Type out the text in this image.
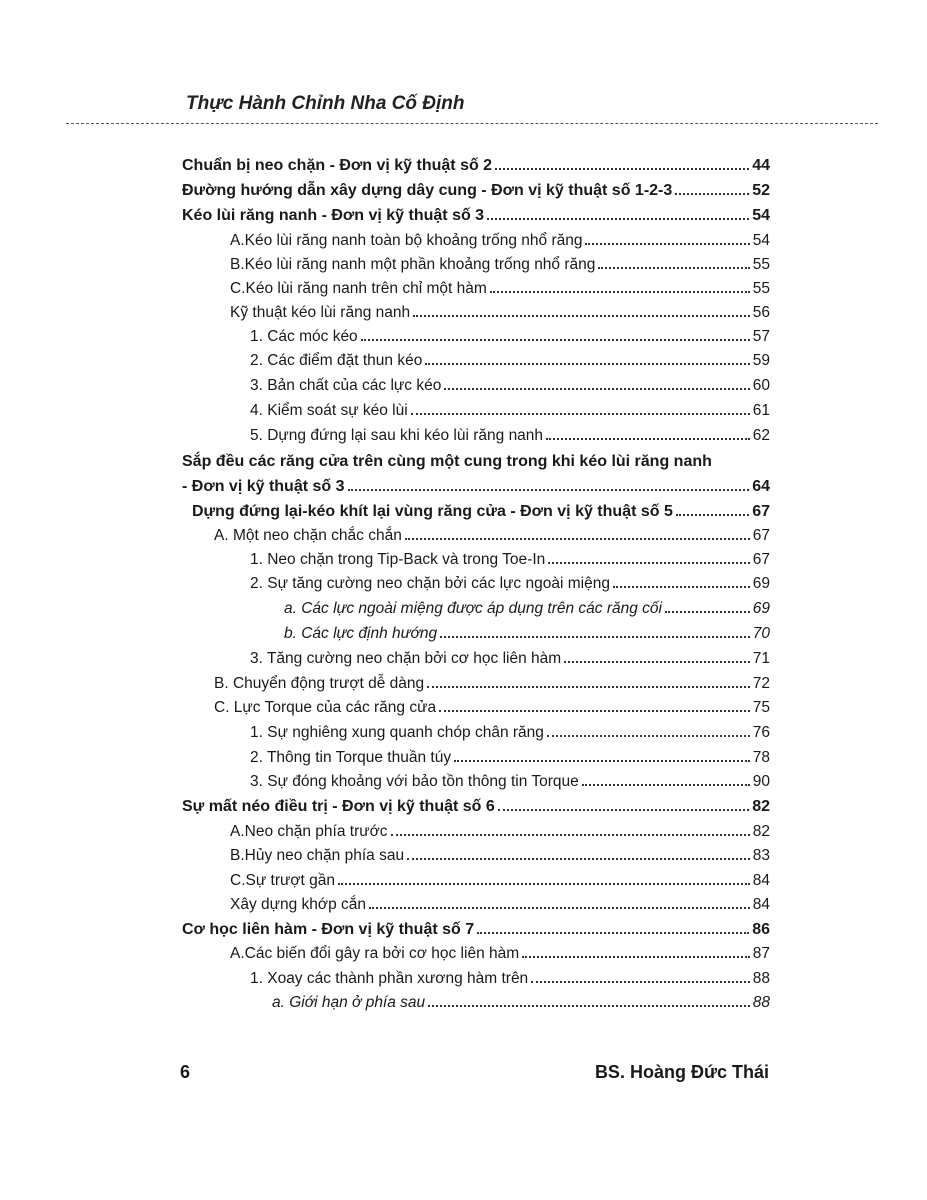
Thực Hành Chỉnh Nha Cố Định
Chuẩn bị neo chặn - Đơn vị kỹ thuật số 2	44
Đường hướng dẫn xây dựng dây cung - Đơn vị kỹ thuật số 1-2-3	52
Kéo lùi răng nanh - Đơn vị kỹ thuật số 3	54
A.Kéo lùi răng nanh toàn bộ khoảng trống nhổ răng	54
B.Kéo lùi răng nanh một phần khoảng trống nhổ răng	55
C.Kéo lùi răng nanh trên chỉ một hàm	55
Kỹ thuật kéo lùi răng nanh	56
1. Các móc kéo	57
2. Các điểm đặt thun kéo	59
3. Bản chất của các lực kéo	60
4. Kiểm soát sự kéo lùi	61
5. Dựng đứng lại sau khi kéo lùi răng nanh	62
Sắp đều các răng cửa trên cùng một cung trong khi kéo lùi răng nanh
- Đơn vị kỹ thuật số 3	64
Dựng đứng lại-kéo khít lại vùng răng cửa - Đơn vị kỹ thuật số 5	67
A. Một neo chặn chắc chắn	67
1. Neo chặn trong Tip-Back và trong Toe-In	67
2. Sự tăng cường neo chặn bởi các lực ngoài miệng	69
a. Các lực ngoài miệng được áp dụng trên các răng cối	69
b. Các lực định hướng	70
3. Tăng cường neo chặn bởi cơ học liên hàm	71
B. Chuyển động trượt dễ dàng	72
C. Lực Torque của các răng cửa	75
1. Sự nghiêng xung quanh chóp chân răng	76
2. Thông tin Torque thuần túy	78
3. Sự đóng khoảng với bảo tồn thông tin Torque	90
Sự mất néo điều trị - Đơn vị kỹ thuật số 6	82
A.Neo chặn phía trước	82
B.Hủy neo chặn phía sau	83
C.Sự trượt gần	84
Xây dựng khớp cắn	84
Cơ học liên hàm - Đơn vị kỹ thuật số 7	86
A.Các biến đổi gây ra bởi cơ học liên hàm	87
1. Xoay các thành phần xương hàm trên	88
a. Giới hạn ở phía sau	88
6	BS. Hoàng Đức Thái
